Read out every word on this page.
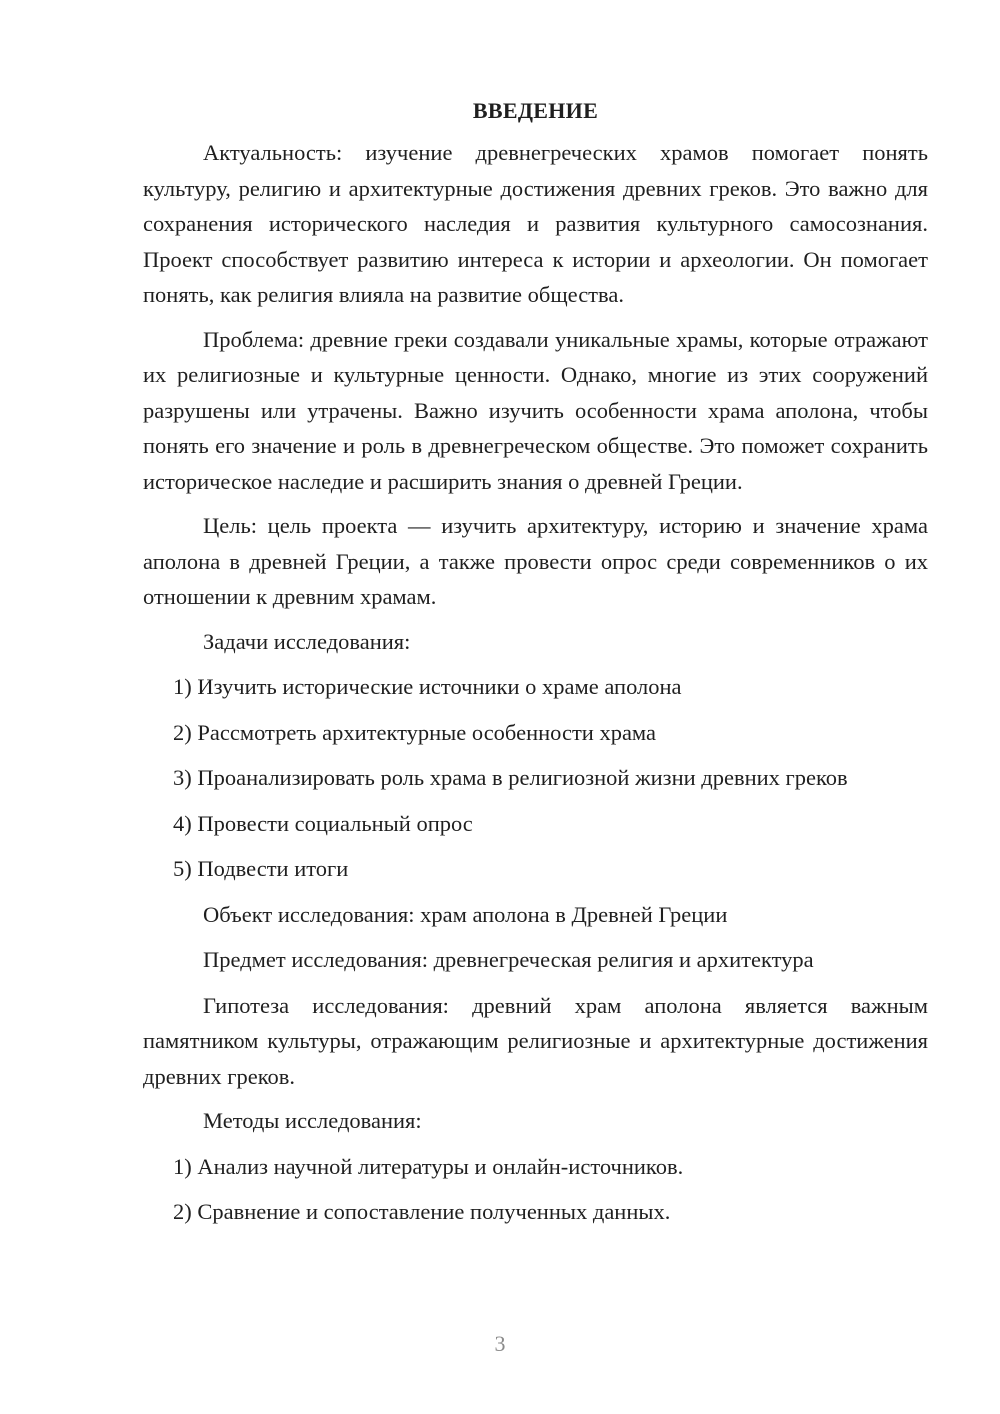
ВВЕДЕНИЕ

Актуальность: изучение древнегреческих храмов помогает понять культуру, религию и архитектурные достижения древних греков. Это важно для сохранения исторического наследия и развития культурного самосознания. Проект способствует развитию интереса к истории и археологии. Он помогает понять, как религия влияла на развитие общества.

Проблема: древние греки создавали уникальные храмы, которые отражают их религиозные и культурные ценности. Однако, многие из этих сооружений разрушены или утрачены. Важно изучить особенности храма аполона, чтобы понять его значение и роль в древнегреческом обществе. Это поможет сохранить историческое наследие и расширить знания о древней Греции.

Цель: цель проекта — изучить архитектуру, историю и значение храма аполона в древней Греции, а также провести опрос среди современников о их отношении к древним храмам.

Задачи исследования:
1) Изучить исторические источники о храме аполона
2) Рассмотреть архитектурные особенности храма
3) Проанализировать роль храма в религиозной жизни древних греков
4) Провести социальный опрос
5) Подвести итоги
Объект исследования: храм аполона в Древней Греции
Предмет исследования: древнегреческая религия и архитектура

Гипотеза исследования: древний храм аполона является важным памятником культуры, отражающим религиозные и архитектурные достижения древних греков.

Методы исследования:
1) Анализ научной литературы и онлайн-источников.
2) Сравнение и сопоставление полученных данных.
3
